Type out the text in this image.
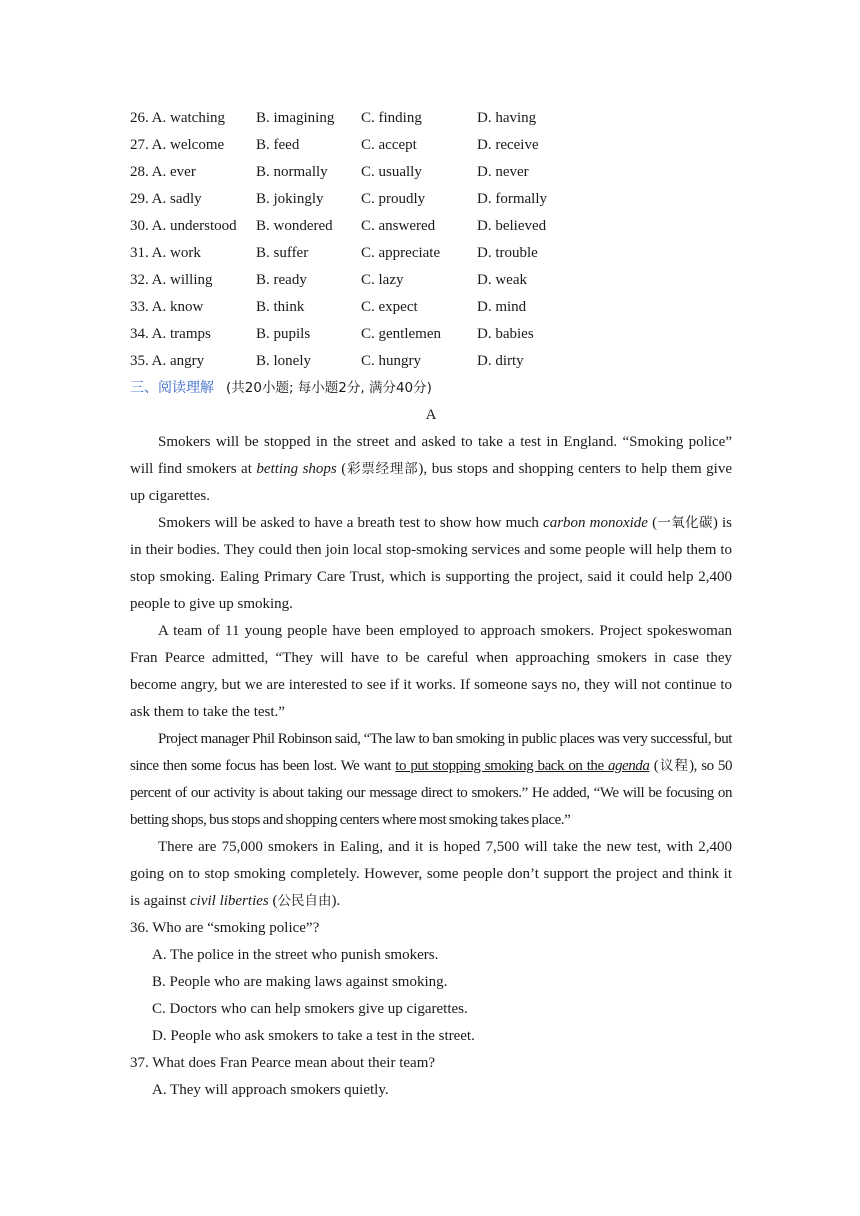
26. A. watching B. imagining C. finding	D. having
27. A. welcome B. feed	C. accept	D. receive
28. A. ever	B. normally C. usually	D. never
29. A. sadly	B. jokingly C. proudly	D. formally
30. A. understood B. wondered C. answered	D. believed
31. A. work	B. suffer	C. appreciate D. trouble
32. A. willing	B. ready	C. lazy	D. weak
33. A. know	B. think	C. expect	D. mind
34. A. tramps	B. pupils	C. gentlemen D. babies
35. A. angry	B. lonely	C. hungry	D. dirty
三、阅读理解 (共20小题; 每小题2分, 满分40分)
A

Smokers will be stopped in the street and asked to take a test in England. “Smoking police” will find smokers at betting shops (彩票经理部), bus stops and shopping centers to help them give up cigarettes.

Smokers will be asked to have a breath test to show how much carbon monoxide (一氧化碳) is in their bodies. They could then join local stop-smoking services and some people will help them to stop smoking. Ealing Primary Care Trust, which is supporting the project, said it could help 2,400 people to give up smoking.

A team of 11 young people have been employed to approach smokers. Project spokeswoman Fran Pearce admitted, “They will have to be careful when approaching smokers in case they become angry, but we are interested to see if it works. If someone says no, they will not continue to ask them to take the test.”

Project manager Phil Robinson said, “The law to ban smoking in public places was very successful, but since then some focus has been lost. We want to put stopping smoking back on the agenda (议程), so 50 percent of our activity is about taking our message direct to smokers.” He added, “We will be focusing on betting shops, bus stops and shopping centers where most smoking takes place.”

There are 75,000 smokers in Ealing, and it is hoped 7,500 will take the new test, with 2,400 going on to stop smoking completely. However, some people don’t support the project and think it is against civil liberties (公民自由).

36. Who are “smoking police”?

A. The police in the street who punish smokers.

B. People who are making laws against smoking.

C. Doctors who can help smokers give up cigarettes.

D. People who ask smokers to take a test in the street.

37. What does Fran Pearce mean about their team?

A. They will approach smokers quietly.
